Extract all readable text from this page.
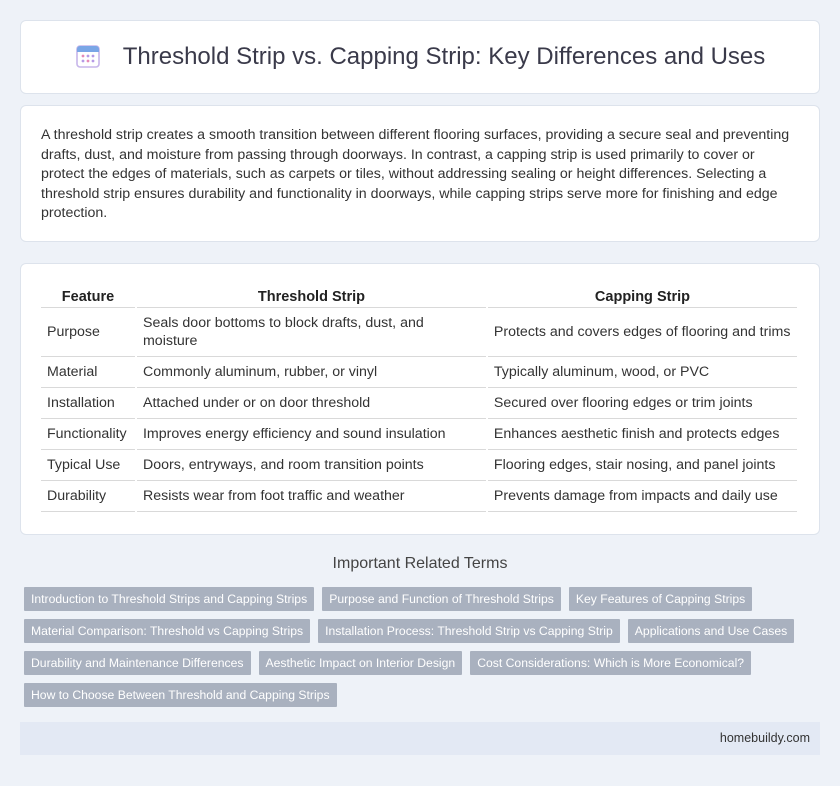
Threshold Strip vs. Capping Strip: Key Differences and Uses

A threshold strip creates a smooth transition between different flooring surfaces, providing a secure seal and preventing drafts, dust, and moisture from passing through doorways. In contrast, a capping strip is used primarily to cover or protect the edges of materials, such as carpets or tiles, without addressing sealing or height differences. Selecting a threshold strip ensures durability and functionality in doorways, while capping strips serve more for finishing and edge protection.

Feature	Threshold Strip	Capping Strip
Purpose	Seals door bottoms to block drafts, dust, and moisture	Protects and covers edges of flooring and trims
Material	Commonly aluminum, rubber, or vinyl	Typically aluminum, wood, or PVC
Installation	Attached under or on door threshold	Secured over flooring edges or trim joints
Functionality	Improves energy efficiency and sound insulation	Enhances aesthetic finish and protects edges
Typical Use	Doors, entryways, and room transition points	Flooring edges, stair nosing, and panel joints
Durability	Resists wear from foot traffic and weather	Prevents damage from impacts and daily use
Important Related Terms
Introduction to Threshold Strips and Capping Strips	Purpose and Function of Threshold Strips	Key Features of Capping Strips
Material Comparison: Threshold vs Capping Strips	Installation Process: Threshold Strip vs Capping Strip	Applications and Use Cases
Durability and Maintenance Differences	Aesthetic Impact on Interior Design	Cost Considerations: Which is More Economical?
How to Choose Between Threshold and Capping Strips
homebuildy.com
